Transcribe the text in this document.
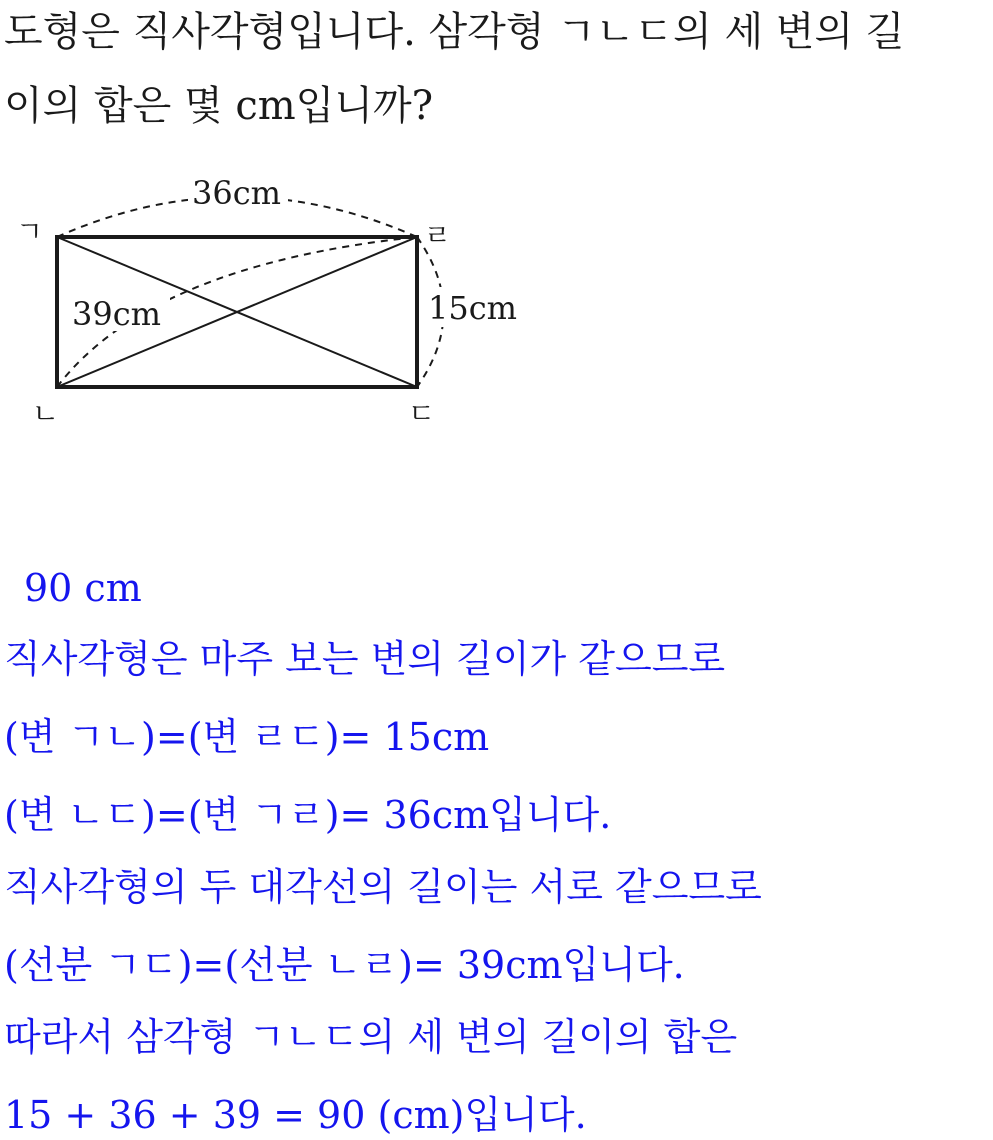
도형은 직사각형입니다. 삼각형 ㄱㄴㄷ의 세 변의 길
이의 합은 몇 cm입니까?
36cm
39cm	15cm
ㄱ	ㄹ
ㄴ	ㄷ
90 cm
직사각형은 마주 보는 변의 길이가 같으므로
(변 ㄱㄴ)=(변 ㄹㄷ)= 15cm
(변 ㄴㄷ)=(변 ㄱㄹ)= 36cm입니다.
직사각형의 두 대각선의 길이는 서로 같으므로
(선분 ㄱㄷ)=(선분 ㄴㄹ)= 39cm입니다.
따라서 삼각형 ㄱㄴㄷ의 세 변의 길이의 합은
15 + 36 + 39 = 90 (cm)입니다.
